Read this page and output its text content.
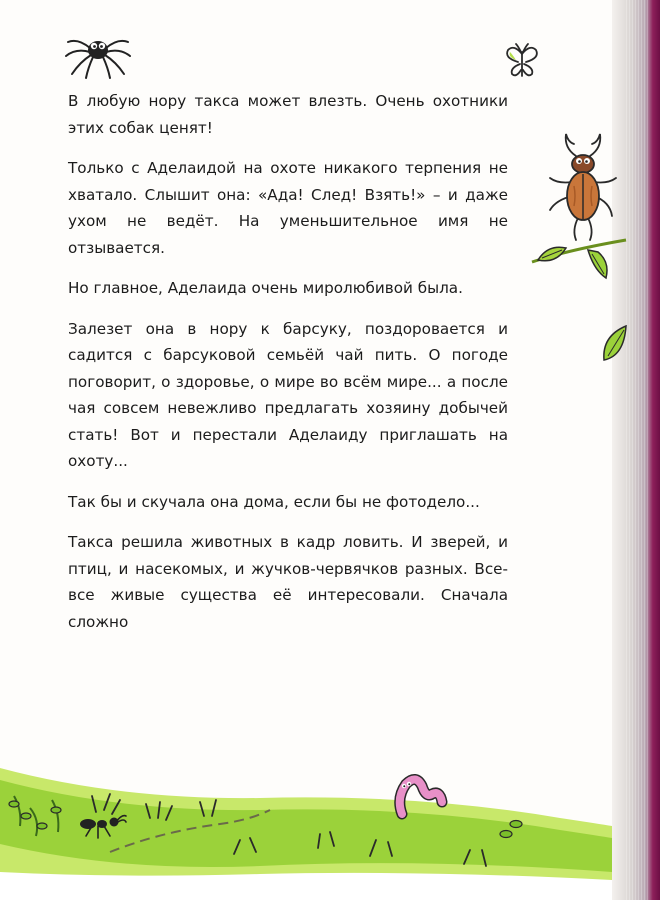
В любую нору такса может влезть. Очень охотники этих собак ценят!

Только с Аделаидой на охоте никакого терпения не хватало. Слышит она: «Ада! След! Взять!» – и даже ухом не ведёт. На уменьшительное имя не отзывается.

Но главное, Аделаида очень миролюбивой была.

Залезет она в нору к барсуку, поздоровается и садится с барсуковой семьёй чай пить. О погоде поговорит, о здоровье, о мире во всём мире... а после чая совсем невежливо предлагать хозяину добычей стать! Вот и перестали Аделаиду приглашать на охоту...

Так бы и скучала она дома, если бы не фотодело...

Такса решила животных в кадр ловить. И зверей, и птиц, и насекомых, и жучков-червячков разных. Все-все живые существа её интересовали. Сначала сложно
